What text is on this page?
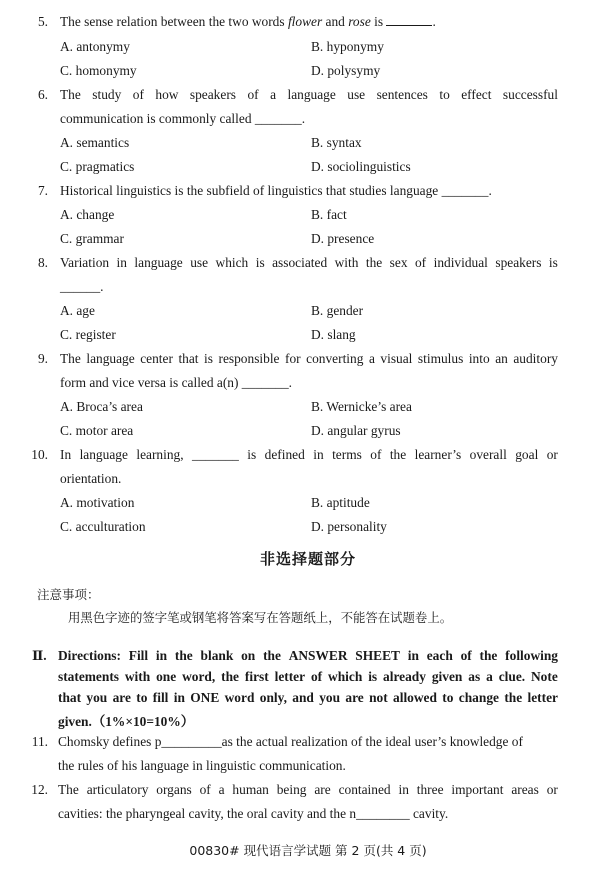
5. The sense relation between the two words flower and rose is	.
A. antonymy	B. hyponymy
C. homonymy	D. polysymy
6. The study of how speakers of a language use sentences to effect successful
communication is commonly called _______.
A. semantics	B. syntax
C. pragmatics	D. sociolinguistics
7. Historical linguistics is the subfield of linguistics that studies language _______.
A. change	B. fact
C. grammar	D. presence
8. Variation in language use which is associated with the sex of individual speakers is
______.
A. age	B. gender
C. register	D. slang
9. The language center that is responsible for converting a visual stimulus into an auditory
form and vice versa is called a(n) _______.
A. Broca’s area	B. Wernicke’s area
C. motor area	D. angular gyrus
10. In language learning, _______ is defined in terms of the learner’s overall goal or
orientation.
A. motivation	B. aptitude
C. acculturation	D. personality
非选择题部分
注意事项：
用黑色字迹的签字笔或钢笔将答案写在答题纸上，不能答在试题卷上。
Ⅱ. Directions: Fill in the blank on the ANSWER SHEET in each of the following
statements with one word, the first letter of which is already given as a clue. Note
that you are to fill in ONE word only, and you are not allowed to change the letter
given.（1%×10=10%）
11. Chomsky defines p_________as the actual realization of the ideal user’s knowledge of
the rules of his language in linguistic communication.
12. The articulatory organs of a human being are contained in three important areas or
cavities: the pharyngeal cavity, the oral cavity and the n________ cavity.
00830# 现代语言学试题 第 2 页(共 4 页)
